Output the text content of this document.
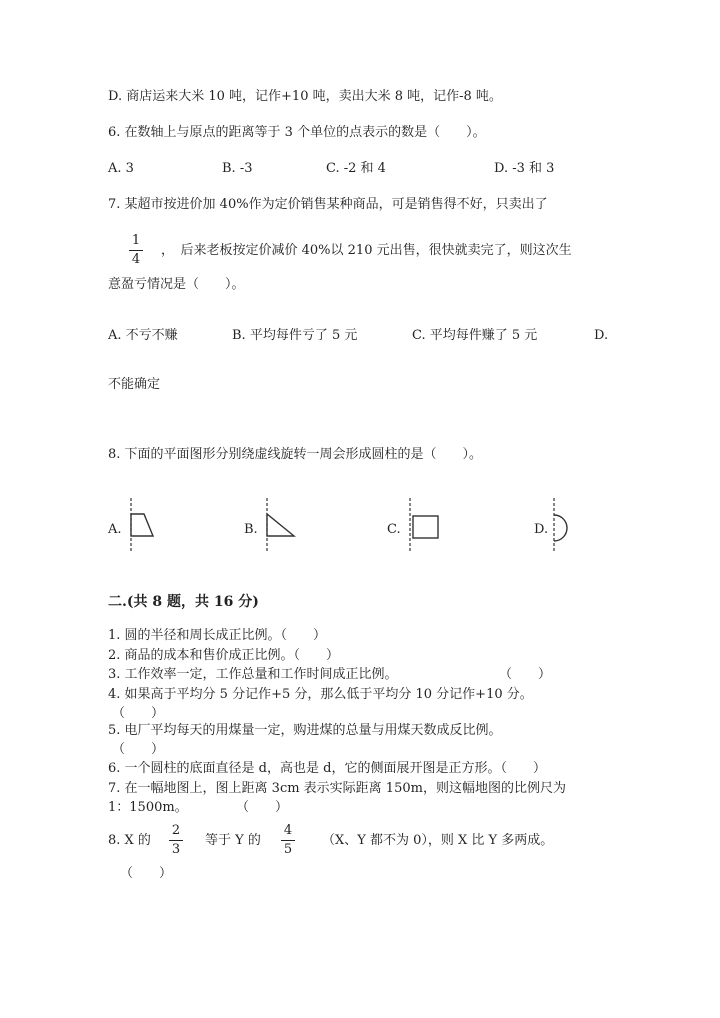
D. 商店运来大米 10 吨，记作+10 吨，卖出大米 8 吨，记作-8 吨。
6. 在数轴上与原点的距离等于 3 个单位的点表示的数是（　　）。
A. 3	B. -3	C. -2 和 4	D. -3 和 3
7. 某超市按进价加 40%作为定价销售某种商品，可是销售得不好，只卖出了
1
4
，　后来老板按定价减价 40%以 210 元出售，很快就卖完了，则这次生
意盈亏情况是（　　）。
A. 不亏不赚	B. 平均每件亏了 5 元	C. 平均每件赚了 5 元	D.
不能确定
8. 下面的平面图形分别绕虚线旋转一周会形成圆柱的是（　　）。
A.	B.	C.	D.
二.(共 8 题，共 16 分)
1. 圆的半径和周长成正比例。（　　）
2. 商品的成本和售价成正比例。（　　）
3. 工作效率一定，工作总量和工作时间成正比例。	（　　）
4. 如果高于平均分 5 分记作+5 分，那么低于平均分 10 分记作+10 分。
（　　）
5. 电厂平均每天的用煤量一定，购进煤的总量与用煤天数成反比例。
（　　）
6. 一个圆柱的底面直径是 d，高也是 d，它的侧面展开图是正方形。（　　）
7. 在一幅地图上，图上距离 3cm 表示实际距离 150m，则这幅地图的比例尺为
1：1500m。	（　　）
8. X 的
2
3
等于 Y 的
4
5
（X、Y 都不为 0），则 X 比 Y 多两成。
（　　）
